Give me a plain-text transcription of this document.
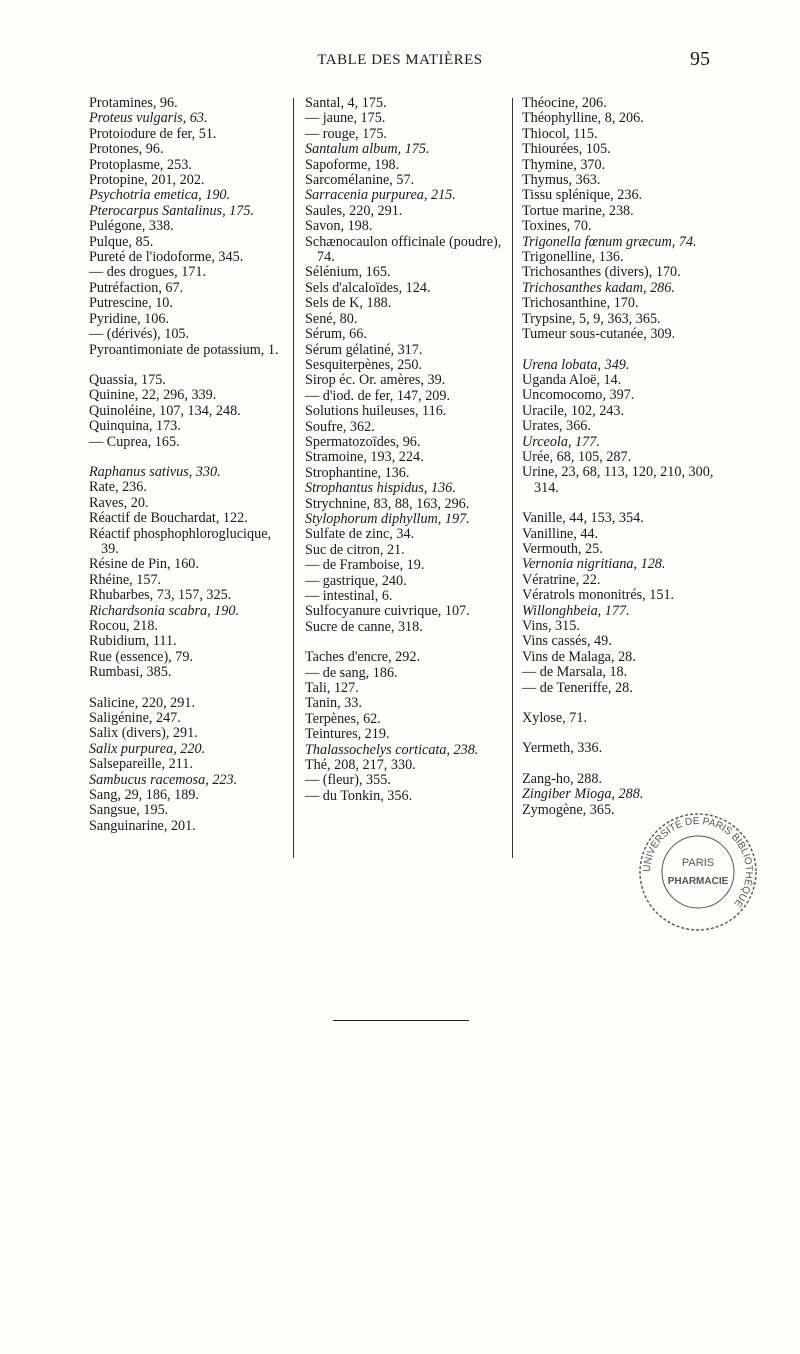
TABLE DES MATIÈRES	95
Protamines, 96.
Proteus vulgaris, 63.
Protoiodure de fer, 51.
Protones, 96.
Protoplasme, 253.
Protopine, 201, 202.
Psychotria emetica, 190.
Pterocarpus Santalinus, 175.
Pulégone, 338.
Pulque, 85.
Pureté de l'iodoforme, 345.
— des drogues, 171.
Putréfaction, 67.
Putrescine, 10.
Pyridine, 106.
— (dérivés), 105.
Pyroantimoniate de potassium, 1.
Quassia, 175.
Quinine, 22, 296, 339.
Quinoléine, 107, 134, 248.
Quinquina, 173.
— Cuprea, 165.
Raphanus sativus, 330.
Rate, 236.
Raves, 20.
Réactif de Bouchardat, 122.
Réactif phosphophloroglucique, 39.
Résine de Pin, 160.
Rhéine, 157.
Rhubarbes, 73, 157, 325.
Richardsonia scabra, 190.
Rocou, 218.
Rubidium, 111.
Rue (essence), 79.
Rumbasi, 385.
Salicine, 220, 291.
Saligénine, 247.
Salix (divers), 291.
Salix purpurea, 220.
Salsepareille, 211.
Sambucus racemosa, 223.
Sang, 29, 186, 189.
Sangsue, 195.
Sanguinarine, 201.
Santal, 4, 175.
— jaune, 175.
— rouge, 175.
Santalum album, 175.
Sapoforme, 198.
Sarcomélanine, 57.
Sarracenia purpurea, 215.
Saules, 220, 291.
Savon, 198.
Schænocaulon officinale (poudre), 74.
Sélénium, 165.
Sels d'alcaloïdes, 124.
Sels de K, 188.
Sené, 80.
Sérum, 66.
Sérum gélatiné, 317.
Sesquiterpènes, 250.
Sirop éc. Or. amères, 39.
— d'iod. de fer, 147, 209.
Solutions huileuses, 116.
Soufre, 362.
Spermatozoïdes, 96.
Stramoine, 193, 224.
Strophantine, 136.
Strophantus hispidus, 136.
Strychnine, 83, 88, 163, 296.
Stylophorum diphyllum, 197.
Sulfate de zinc, 34.
Suc de citron, 21.
— de Framboise, 19.
— gastrique, 240.
— intestinal, 6.
Sulfocyanure cuivrique, 107.
Sucre de canne, 318.
Taches d'encre, 292.
— de sang, 186.
Tali, 127.
Tanin, 33.
Terpènes, 62.
Teintures, 219.
Thalassochelys corticata, 238.
Thé, 208, 217, 330.
— (fleur), 355.
— du Tonkin, 356.
Théocine, 206.
Théophylline, 8, 206.
Thiocol, 115.
Thiourées, 105.
Thymine, 370.
Thymus, 363.
Tissu splénique, 236.
Tortue marine, 238.
Toxines, 70.
Trigonella fœnum græcum, 74.
Trigonelline, 136.
Trichosanthes (divers), 170.
Trichosanthes kadam, 286.
Trichosanthine, 170.
Trypsine, 5, 9, 363, 365.
Tumeur sous-cutanée, 309.
Urena lobata, 349.
Uganda Aloë, 14.
Uncomocomo, 397.
Uracile, 102, 243.
Urates, 366.
Urceola, 177.
Urée, 68, 105, 287.
Urine, 23, 68, 113, 120, 210, 300, 314.
Vanille, 44, 153, 354.
Vanilline, 44.
Vermouth, 25.
Vernonia nigritiana, 128.
Vératrine, 22.
Vératrols mononitrés, 151.
Willonghbeia, 177.
Vins, 315.
Vins cassés, 49.
Vins de Malaga, 28.
— de Marsala, 18.
— de Teneriffe, 28.
Xylose, 71.
Yermeth, 336.
Zang-ho, 288.
Zingiber Mioga, 288.
Zymogène, 365.
UNIVERSITÉ DE PARIS BIBLIOTHÈQUE
PARIS
PHARMACIE
